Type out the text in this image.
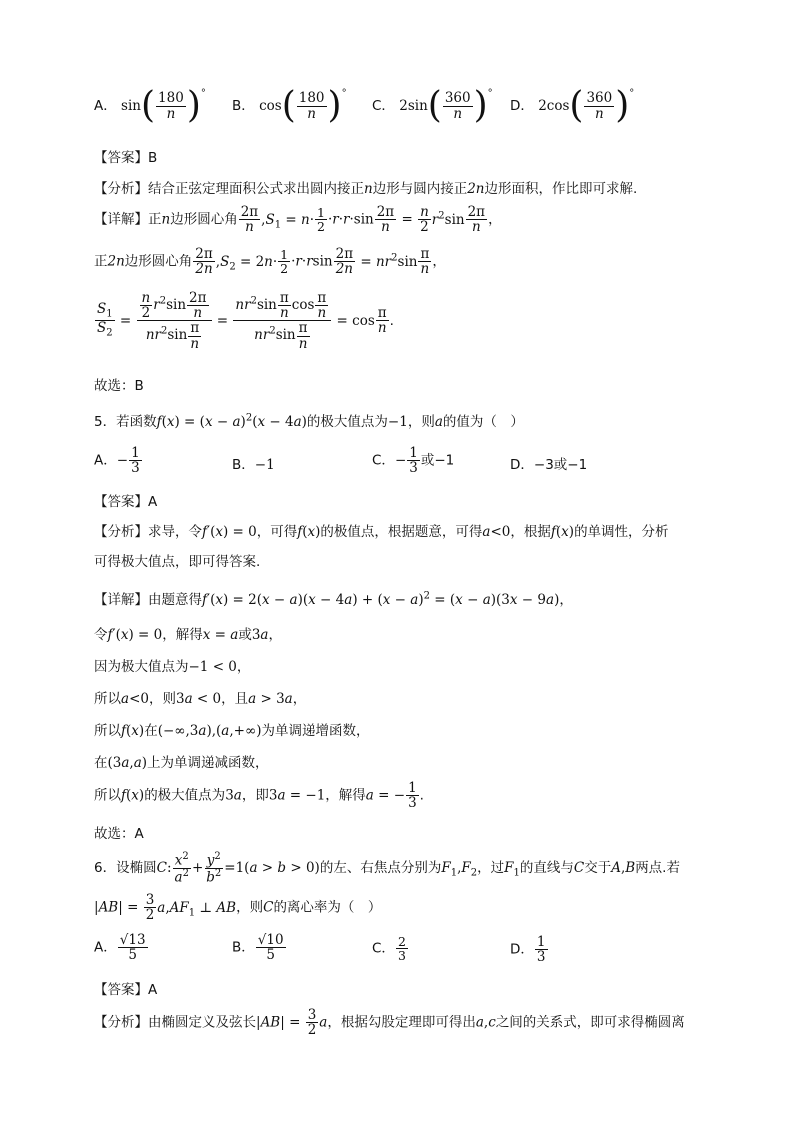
A． sin ( $\frac{180}{n} )^\circ$
B． cos ( $\frac{180}{n} )^\circ$
C． 2sin ( $\frac{360}{n} )^\circ$
D． 2cos ( $\frac{360}{n} )^\circ$
【答案】B
【分析】结合正弦定理面积公式求出圆内接正n边形与圆内接正2n边形面积，作比即可求解.
【详解】正n边形圆心角 $\frac{2\pi}{n} ,S_1 = n\cdot \frac{1}{2} \cdot r\cdot r\cdot\sin \frac{2\pi}{n} = \frac{n}{2} r^2\sin \frac{2\pi}{n}$ ，
正2n边形圆心角 $\frac{2\pi}{2n} ,S_2 = 2n\cdot \frac{1}{2} \cdot r\cdot rsin \frac{2\pi}{2n} = nr^2\sin \frac{\pi}{n}$ ，
$\frac{S_1}{S_2} = \frac{\frac{n}{2} r^2\sin \frac{2\pi}{n}}{nr^2\sin \frac{\pi}{n}} = \frac{nr^2\sin \frac{\pi}{n} \cos \frac{\pi}{n}}{nr^2\sin \frac{\pi}{n}} = \cos \frac{\pi}{n}$ .
故选：B
5．若函数$f(x) = (x - a)^2(x - 4a)$的极大值点为−1，则a的值为（　）
A．− $\frac{1}{3}$	B．−1	C．− $\frac{1}{3}$ 或−1	D．−3或−1
【答案】A
【分析】求导，令f′(x) = 0，可得f(x)的极值点，根据题意，可得a<0，根据f(x)的单调性，分析
可得极大值点，即可得答案.
【详解】由题意得$f'(x) = 2(x - a)(x - 4a) + (x - a)^2 = (x - a)(3x - 9a)$，
令f′(x) = 0，解得x = a或3a，
因为极大值点为−1 < 0，
所以a<0，则3a < 0，且a > 3a，
所以f(x)在(−∞,3a),(a,+∞)为单调递增函数，
在(3a,a)上为单调递减函数，
所以f(x)的极大值点为3a，即3a = −1，解得a = − $\frac{1}{3}$ .
故选：A
6．设椭圆C: $\frac{x^2}{a^2} + \frac{y^2}{b^2} =1(a > b > 0)$的左、右焦点分别为$F_1,F_2$，过$F_1$的直线与C交于A,B两点.若
$|AB| = \frac{3}{2} a,AF_1$ ⊥ AB，则C的离心率为（　）
A． $\frac{√13}{5}$	B． $\frac{√10}{5}$	C． $\frac{2}{3}$	D． $\frac{1}{3}$
【答案】A
【分析】由椭圆定义及弦长$|AB| = \frac{3}{2}$ a，根据勾股定理即可得出a,c之间的关系式，即可求得椭圆离
